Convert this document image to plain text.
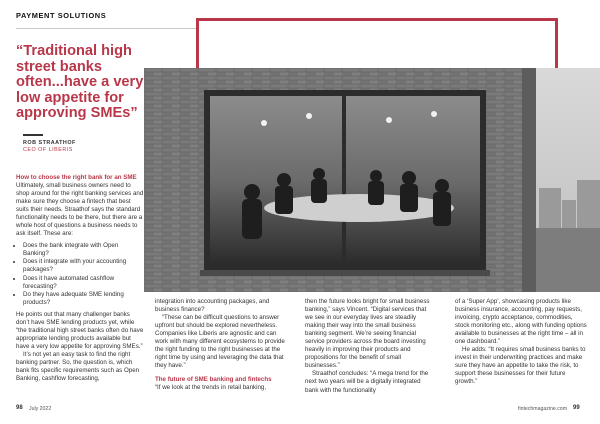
PAYMENT SOLUTIONS
“Traditional high street banks often...have a very low appetite for approving SMEs”
ROB STRAATHOF
CEO OF LIBERIS
How to choose the right bank for an SME

Ultimately, small business owners need to shop around for the right banking services and make sure they choose a fintech that best suits their needs. Straathof says the standard functionality needs to be there, but there are a whole host of questions a business needs to ask itself. These are:

• Does the bank integrate with Open Banking?
• Does it integrate with your accounting packages?
• Does it have automated cashflow forecasting?
• Do they have adequate SME lending products?

He points out that many challenger banks don’t have SME lending products yet, while “the traditional high street banks often do have appropriate lending products available but have a very low appetite for approving SMEs.”

It’s not yet an easy task to find the right banking partner. So, the question is, which bank fits specific requirements such as Open Banking, cashflow forecasting,

integration into accounting packages, and business finance?

“These can be difficult questions to answer upfront but should be explored nevertheless. Companies like Liberis are agnostic and can work with many different ecosystems to provide the right funding to the right businesses at the right time by using and leveraging the data that they have.”

The future of SME banking and fintechs

“If we look at the trends in retail banking,

then the future looks bright for small business banking,” says Vincent. “Digital services that we see in our everyday lives are steadily making their way into the small business banking segment. We’re seeing financial service providers across the board investing heavily in improving their products and propositions for the benefit of small businesses.”

Straathof concludes: “A mega trend for the next two years will be a digitally integrated bank with the functionality

of a ‘Super App’, showcasing products like business insurance, accounting, pay requests, invoicing, crypto acceptance, commodities, stock monitoring etc., along with funding options available to businesses at the right time – all in one dashboard.”

He adds: “It requires small business banks to invest in their underwriting practices and make sure they have an appetite to take the risk, to support these businesses for their future growth.”

98 July 2022	fintechmagazine.com 99
